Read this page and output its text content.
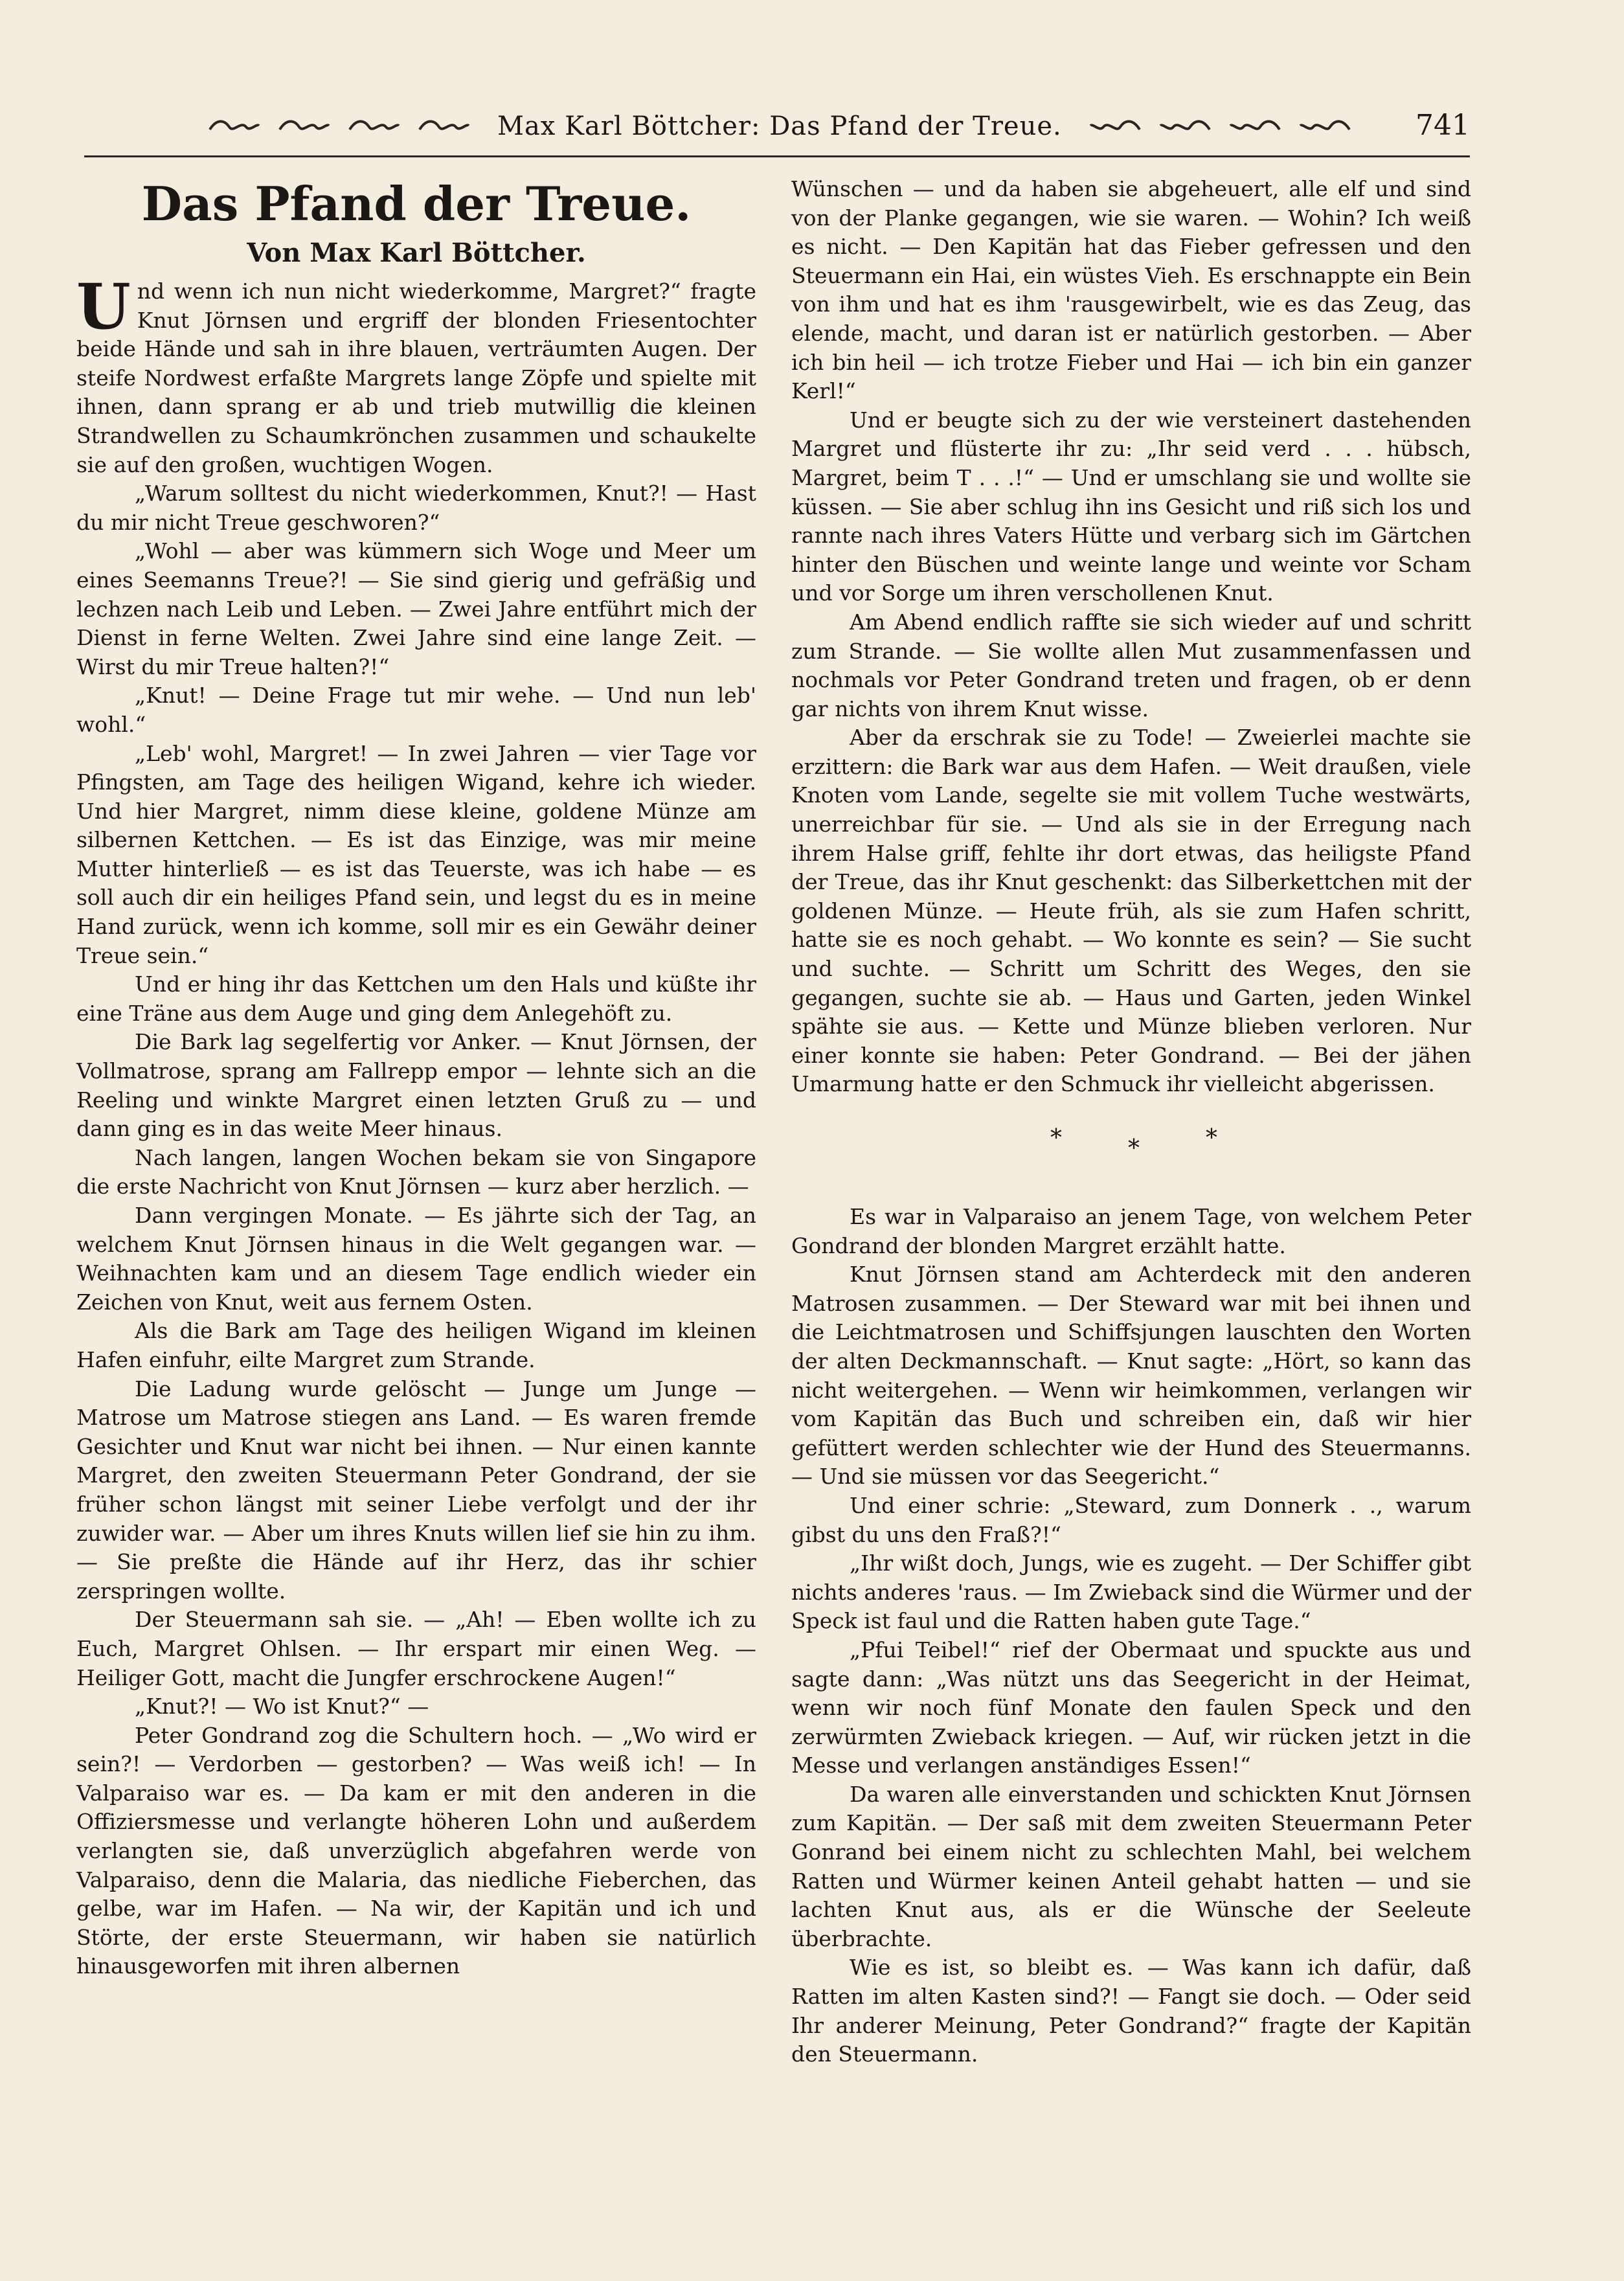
Max Karl Böttcher: Das Pfand der Treue.	741
Das Pfand der Treue.
Von Max Karl Böttcher.

Und wenn ich nun nicht wiederkomme, Margret?“ fragte Knut Jörnsen und ergriff der blonden Friesentochter beide Hände und sah in ihre blauen, verträumten Augen. Der steife Nordwest erfaßte Margrets lange Zöpfe und spielte mit ihnen, dann sprang er ab und trieb mutwillig die kleinen Strandwellen zu Schaumkrönchen zusammen und schaukelte sie auf den großen, wuchtigen Wogen.

„Warum solltest du nicht wiederkommen, Knut?! — Hast du mir nicht Treue geschworen?“

„Wohl — aber was kümmern sich Woge und Meer um eines Seemanns Treue?! — Sie sind gierig und gefräßig und lechzen nach Leib und Leben. — Zwei Jahre entführt mich der Dienst in ferne Welten. Zwei Jahre sind eine lange Zeit. — Wirst du mir Treue halten?!“

„Knut! — Deine Frage tut mir wehe. — Und nun leb' wohl.“

„Leb' wohl, Margret! — In zwei Jahren — vier Tage vor Pfingsten, am Tage des heiligen Wigand, kehre ich wieder. Und hier Margret, nimm diese kleine, goldene Münze am silbernen Kettchen. — Es ist das Einzige, was mir meine Mutter hinterließ — es ist das Teuerste, was ich habe — es soll auch dir ein heiliges Pfand sein, und legst du es in meine Hand zurück, wenn ich komme, soll mir es ein Gewähr deiner Treue sein.“

Und er hing ihr das Kettchen um den Hals und küßte ihr eine Träne aus dem Auge und ging dem Anlegehöft zu.

Die Bark lag segelfertig vor Anker. — Knut Jörnsen, der Vollmatrose, sprang am Fallrepp empor — lehnte sich an die Reeling und winkte Margret einen letzten Gruß zu — und dann ging es in das weite Meer hinaus.

Nach langen, langen Wochen bekam sie von Singapore die erste Nachricht von Knut Jörnsen — kurz aber herzlich. —

Dann vergingen Monate. — Es jährte sich der Tag, an welchem Knut Jörnsen hinaus in die Welt gegangen war. — Weihnachten kam und an diesem Tage endlich wieder ein Zeichen von Knut, weit aus fernem Osten.

Als die Bark am Tage des heiligen Wigand im kleinen Hafen einfuhr, eilte Margret zum Strande.

Die Ladung wurde gelöscht — Junge um Junge — Matrose um Matrose stiegen ans Land. — Es waren fremde Gesichter und Knut war nicht bei ihnen. — Nur einen kannte Margret, den zweiten Steuermann Peter Gondrand, der sie früher schon längst mit seiner Liebe verfolgt und der ihr zuwider war. — Aber um ihres Knuts willen lief sie hin zu ihm. — Sie preßte die Hände auf ihr Herz, das ihr schier zerspringen wollte.

Der Steuermann sah sie. — „Ah! — Eben wollte ich zu Euch, Margret Ohlsen. — Ihr erspart mir einen Weg. — Heiliger Gott, macht die Jungfer erschrockene Augen!“

„Knut?! — Wo ist Knut?“ —

Peter Gondrand zog die Schultern hoch. — „Wo wird er sein?! — Verdorben — gestorben? — Was weiß ich! — In Valparaiso war es. — Da kam er mit den anderen in die Offiziersmesse und verlangte höheren Lohn und außerdem verlangten sie, daß unverzüglich abgefahren werde von Valparaiso, denn die Malaria, das niedliche Fieberchen, das gelbe, war im Hafen. — Na wir, der Kapitän und ich und Störte, der erste Steuermann, wir haben sie natürlich hinausgeworfen mit ihren albernen

Wünschen — und da haben sie abgeheuert, alle elf und sind von der Planke gegangen, wie sie waren. — Wohin? Ich weiß es nicht. — Den Kapitän hat das Fieber gefressen und den Steuermann ein Hai, ein wüstes Vieh. Es erschnappte ein Bein von ihm und hat es ihm 'rausgewirbelt, wie es das Zeug, das elende, macht, und daran ist er natürlich gestorben. — Aber ich bin heil — ich trotze Fieber und Hai — ich bin ein ganzer Kerl!“

Und er beugte sich zu der wie versteinert dastehenden Margret und flüsterte ihr zu: „Ihr seid verd . . . hübsch, Margret, beim T . . .!“ — Und er umschlang sie und wollte sie küssen. — Sie aber schlug ihn ins Gesicht und riß sich los und rannte nach ihres Vaters Hütte und verbarg sich im Gärtchen hinter den Büschen und weinte lange und weinte vor Scham und vor Sorge um ihren verschollenen Knut.

Am Abend endlich raffte sie sich wieder auf und schritt zum Strande. — Sie wollte allen Mut zusammenfassen und nochmals vor Peter Gondrand treten und fragen, ob er denn gar nichts von ihrem Knut wisse.

Aber da erschrak sie zu Tode! — Zweierlei machte sie erzittern: die Bark war aus dem Hafen. — Weit draußen, viele Knoten vom Lande, segelte sie mit vollem Tuche westwärts, unerreichbar für sie. — Und als sie in der Erregung nach ihrem Halse griff, fehlte ihr dort etwas, das heiligste Pfand der Treue, das ihr Knut geschenkt: das Silberkettchen mit der goldenen Münze. — Heute früh, als sie zum Hafen schritt, hatte sie es noch gehabt. — Wo konnte es sein? — Sie sucht und suchte. — Schritt um Schritt des Weges, den sie gegangen, suchte sie ab. — Haus und Garten, jeden Winkel spähte sie aus. — Kette und Münze blieben verloren. Nur einer konnte sie haben: Peter Gondrand. — Bei der jähen Umarmung hatte er den Schmuck ihr vielleicht abgerissen.

*	*	*

Es war in Valparaiso an jenem Tage, von welchem Peter Gondrand der blonden Margret erzählt hatte.

Knut Jörnsen stand am Achterdeck mit den anderen Matrosen zusammen. — Der Steward war mit bei ihnen und die Leichtmatrosen und Schiffsjungen lauschten den Worten der alten Deckmannschaft. — Knut sagte: „Hört, so kann das nicht weitergehen. — Wenn wir heimkommen, verlangen wir vom Kapitän das Buch und schreiben ein, daß wir hier gefüttert werden schlechter wie der Hund des Steuermanns. — Und sie müssen vor das Seegericht.“

Und einer schrie: „Steward, zum Donnerk . ., warum gibst du uns den Fraß?!“

„Ihr wißt doch, Jungs, wie es zugeht. — Der Schiffer gibt nichts anderes 'raus. — Im Zwieback sind die Würmer und der Speck ist faul und die Ratten haben gute Tage.“

„Pfui Teibel!“ rief der Obermaat und spuckte aus und sagte dann: „Was nützt uns das Seegericht in der Heimat, wenn wir noch fünf Monate den faulen Speck und den zerwürmten Zwieback kriegen. — Auf, wir rücken jetzt in die Messe und verlangen anständiges Essen!“

Da waren alle einverstanden und schickten Knut Jörnsen zum Kapitän. — Der saß mit dem zweiten Steuermann Peter Gonrand bei einem nicht zu schlechten Mahl, bei welchem Ratten und Würmer keinen Anteil gehabt hatten — und sie lachten Knut aus, als er die Wünsche der Seeleute überbrachte.

Wie es ist, so bleibt es. — Was kann ich dafür, daß Ratten im alten Kasten sind?! — Fangt sie doch. — Oder seid Ihr anderer Meinung, Peter Gondrand?“ fragte der Kapitän den Steuermann.
